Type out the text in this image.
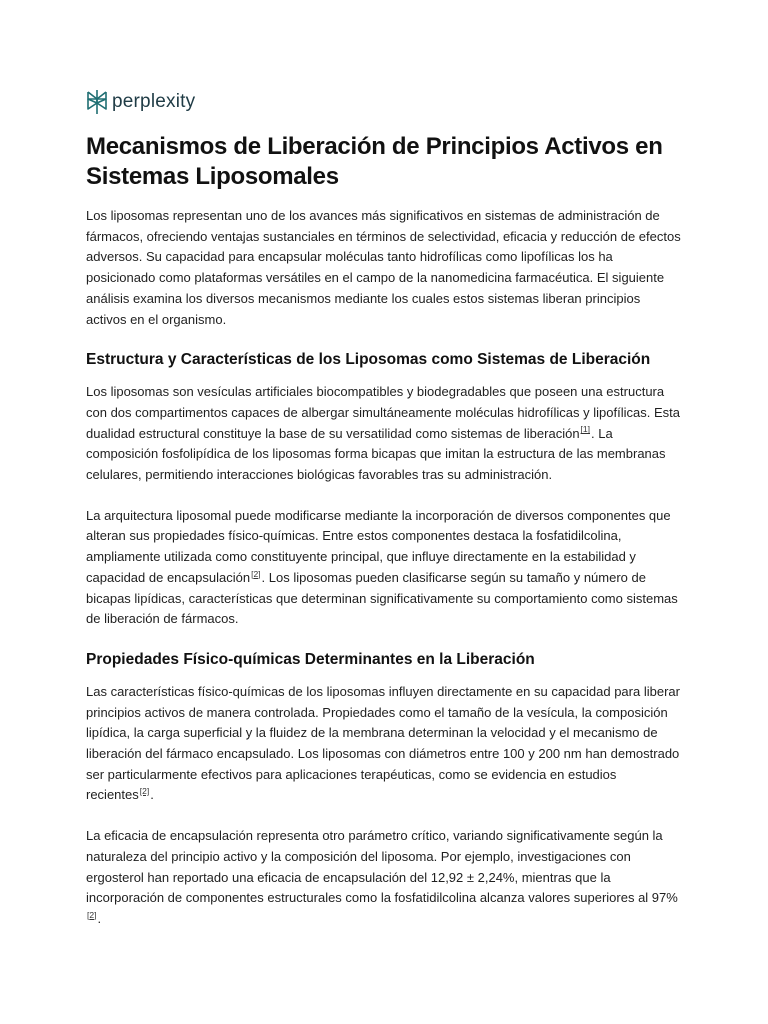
perplexity
Mecanismos de Liberación de Principios Activos en Sistemas Liposomales

Los liposomas representan uno de los avances más significativos en sistemas de administración de fármacos, ofreciendo ventajas sustanciales en términos de selectividad, eficacia y reducción de efectos adversos. Su capacidad para encapsular moléculas tanto hidrofílicas como lipofílicas los ha posicionado como plataformas versátiles en el campo de la nanomedicina farmacéutica. El siguiente análisis examina los diversos mecanismos mediante los cuales estos sistemas liberan principios activos en el organismo.

Estructura y Características de los Liposomas como Sistemas de Liberación

Los liposomas son vesículas artificiales biocompatibles y biodegradables que poseen una estructura con dos compartimentos capaces de albergar simultáneamente moléculas hidrofílicas y lipofílicas. Esta dualidad estructural constituye la base de su versatilidad como sistemas de liberación[1]. La composición fosfolipídica de los liposomas forma bicapas que imitan la estructura de las membranas celulares, permitiendo interacciones biológicas favorables tras su administración.

La arquitectura liposomal puede modificarse mediante la incorporación de diversos componentes que alteran sus propiedades físico-químicas. Entre estos componentes destaca la fosfatidilcolina, ampliamente utilizada como constituyente principal, que influye directamente en la estabilidad y capacidad de encapsulación[2]. Los liposomas pueden clasificarse según su tamaño y número de bicapas lipídicas, características que determinan significativamente su comportamiento como sistemas de liberación de fármacos.

Propiedades Físico-químicas Determinantes en la Liberación

Las características físico-químicas de los liposomas influyen directamente en su capacidad para liberar principios activos de manera controlada. Propiedades como el tamaño de la vesícula, la composición lipídica, la carga superficial y la fluidez de la membrana determinan la velocidad y el mecanismo de liberación del fármaco encapsulado. Los liposomas con diámetros entre 100 y 200 nm han demostrado ser particularmente efectivos para aplicaciones terapéuticas, como se evidencia en estudios recientes[2].

La eficacia de encapsulación representa otro parámetro crítico, variando significativamente según la naturaleza del principio activo y la composición del liposoma. Por ejemplo, investigaciones con ergosterol han reportado una eficacia de encapsulación del 12,92 ± 2,24%, mientras que la incorporación de componentes estructurales como la fosfatidilcolina alcanza valores superiores al 97%[2].
